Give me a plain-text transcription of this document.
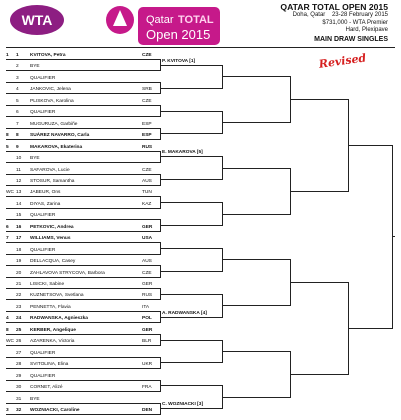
WTA	Qatar TOTAL
Open 2015
QATAR TOTAL OPEN 2015
Doha, Qatar 23-28 February 2015
$731,000 - WTA Premier
Hard, Plexipave
MAIN DRAW SINGLES
Revised
1	1	KVITOVA, Petra	CZE
2	BYE
3	QUALIFIER
4	JANKOVIC, Jelena	SRB
5	PLISKOVA, Karolina	CZE
6	QUALIFIER
7	MUGURUZA, Garbiñe	ESP
8	8	SUÁREZ NAVARRO, Carla	ESP
5	9	MAKAROVA, Ekaterina	RUS
10	BYE
11	SAFAROVA, Lucie	CZE
12	STOSUR, Samantha	AUS
WC 13	JABEUR, Ons	TUN
14	DIYAS, Zarina	KAZ
15	QUALIFIER
6	16	PETKOVIC, Andrea	GER
7	17	WILLIAMS, Venus	USA
18	QUALIFIER
19	DELLACQUA, Casey	AUS
20	ZAHLAVOVA STRYCOVA, Barbora	CZE
21	LISICKI, Sabine	GER
22	KUZNETSOVA, Svetlana	RUS
23	PENNETTA, Flavia	ITA
4	24	RADWANSKA, Agnieszka	POL
8	25	KERBER, Angelique	GER
WC 26	AZARENKA, Victoria	BLR
27	QUALIFIER
28	SVITOLINA, Elina	UKR
29	QUALIFIER
30	CORNET, Alizé	FRA
31	BYE
3	32	WOZNIACKI, Caroline	DEN
P. KVITOVA [1]
E. MAKAROVA [5]
A. RADWANSKA [4]
C. WOZNIACKI [3]
